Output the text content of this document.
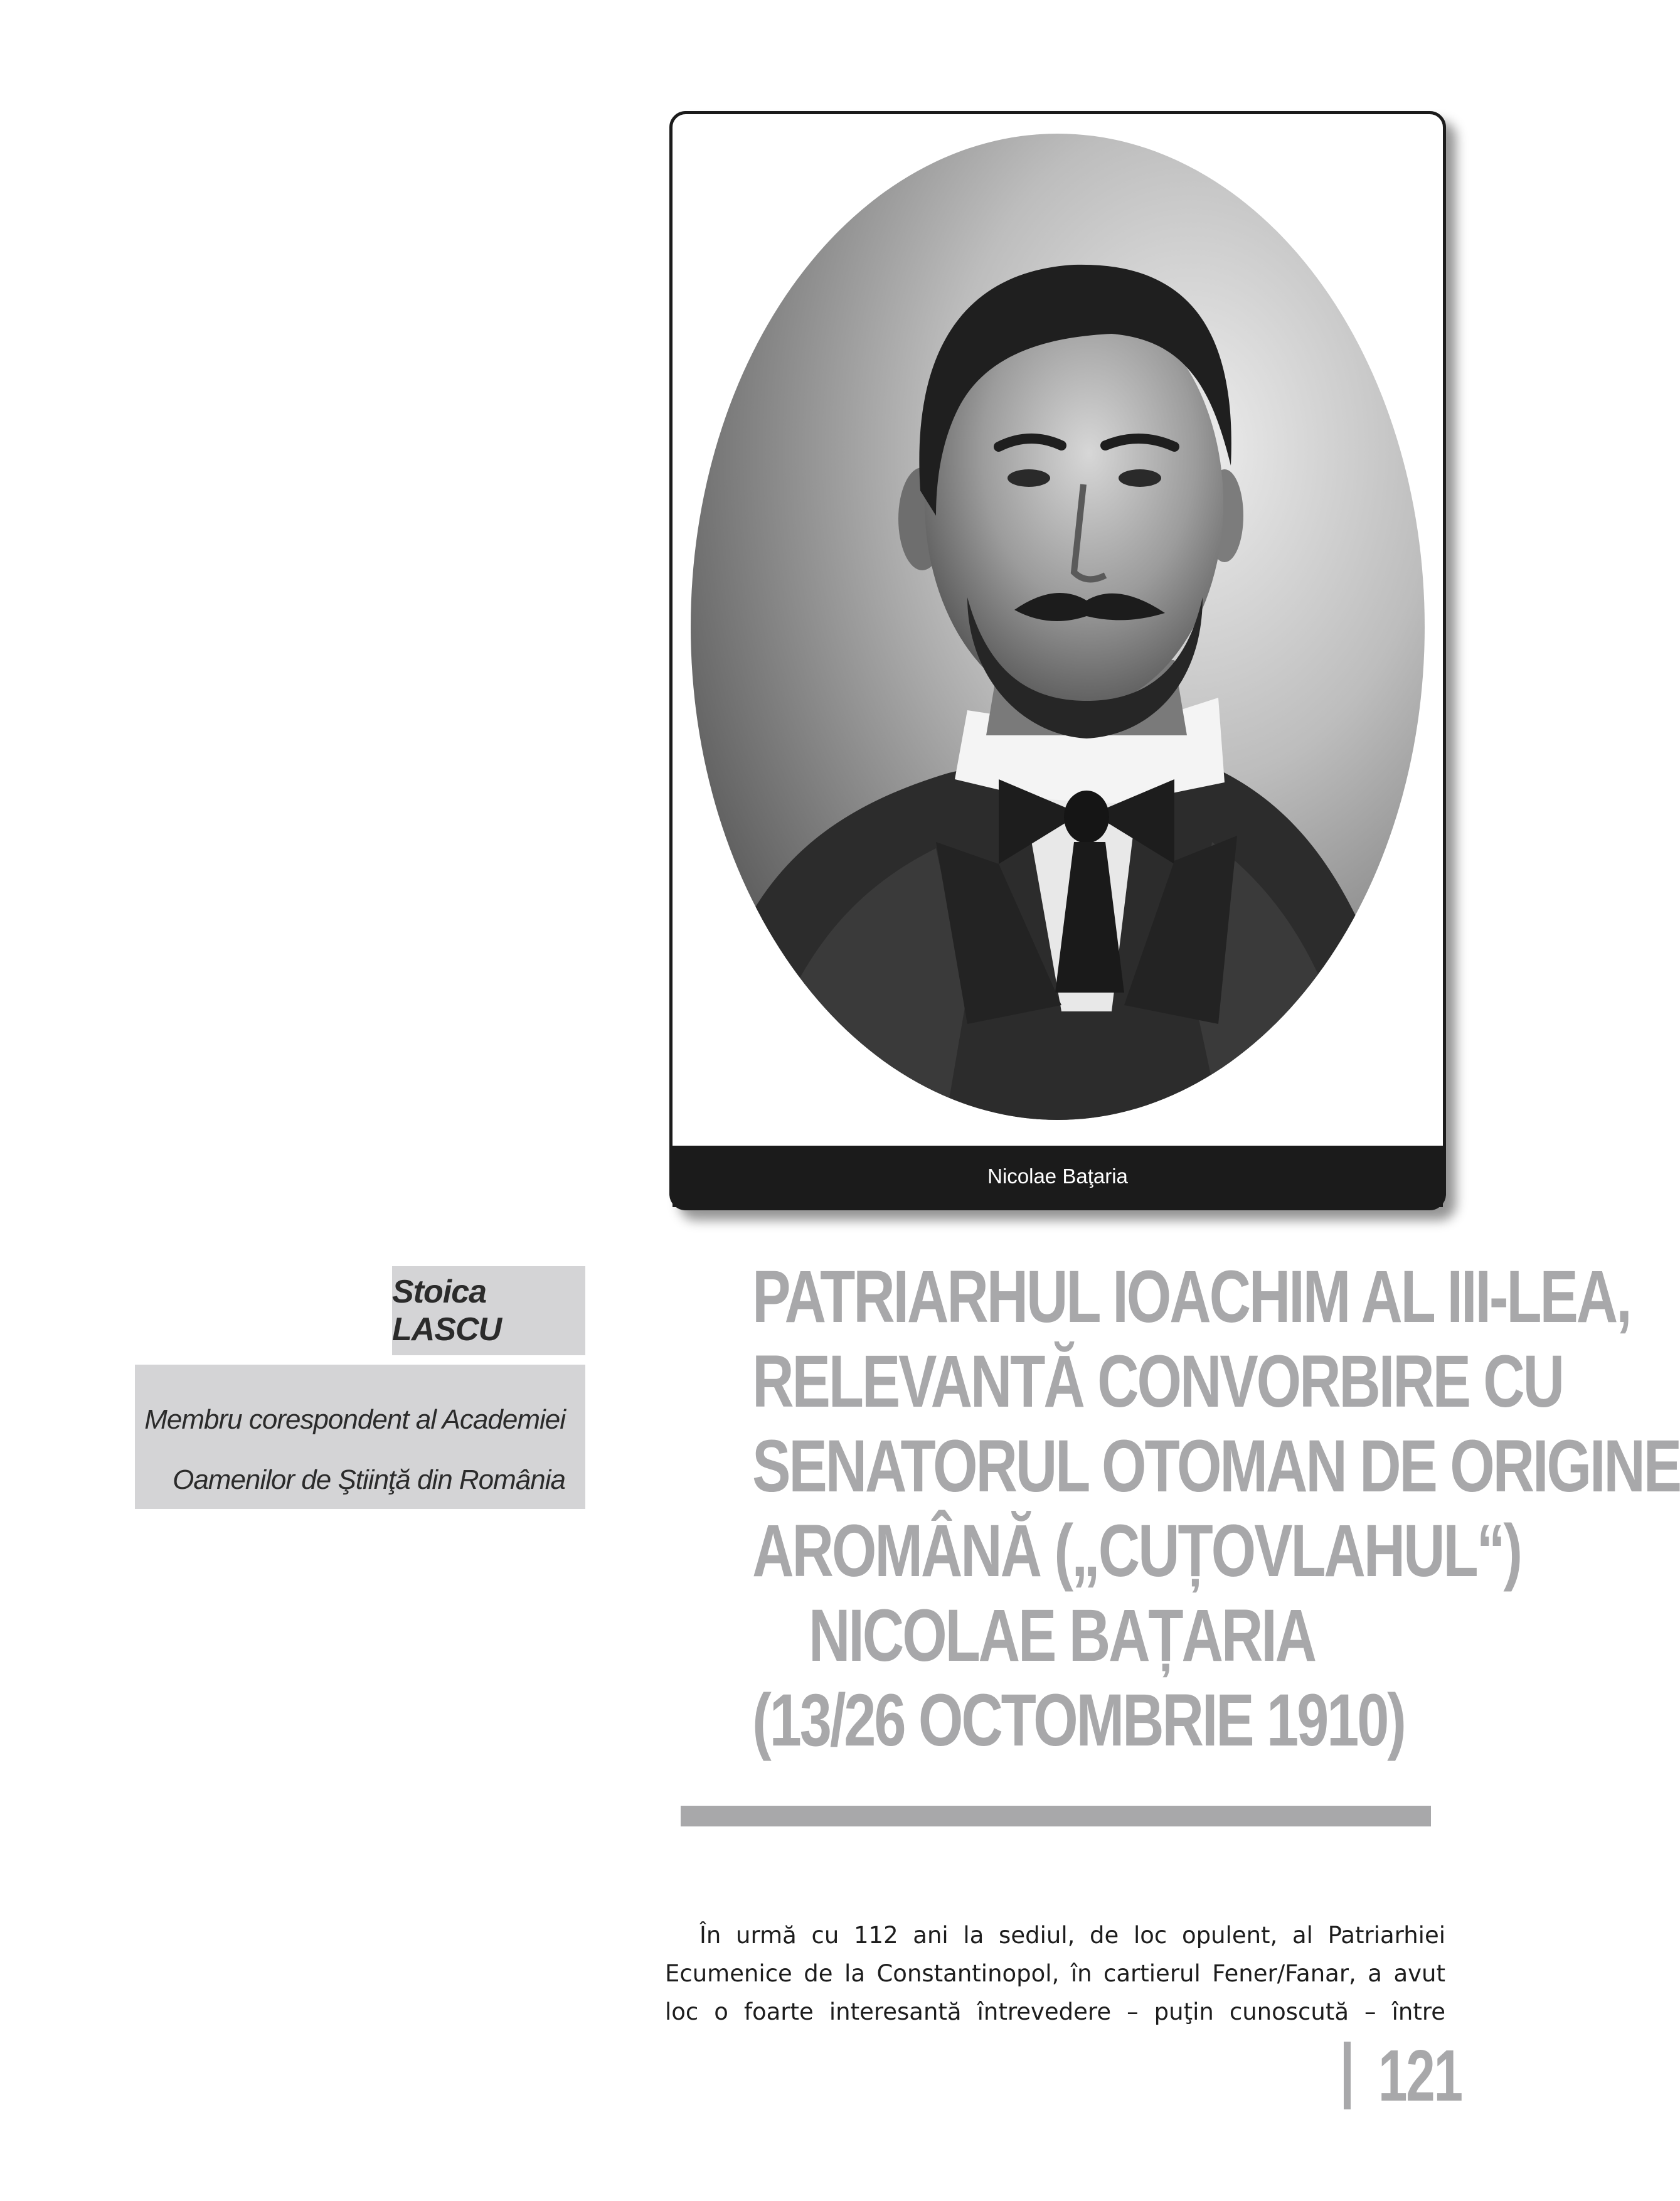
Nicolae Baţaria
Stoica LASCU
Membru corespondent al Academiei
Oamenilor de Ştiinţă din România
PATRIARHUL IOACHIM AL III-LEA,
RELEVANTĂ CONVORBIRE CU
SENATORUL OTOMAN DE ORIGINE
AROMÂNĂ („CUȚOVLAHUL“)
NICOLAE BAȚARIA
(13/26 OCTOMBRIE 1910)
În urmă cu 112 ani la sediul, de loc opulent, al Patriarhiei
Ecumenice de la Constantinopol, în cartierul Fener/Fanar, a avut
loc o foarte interesantă întrevedere – puţin cunoscută – între
121
